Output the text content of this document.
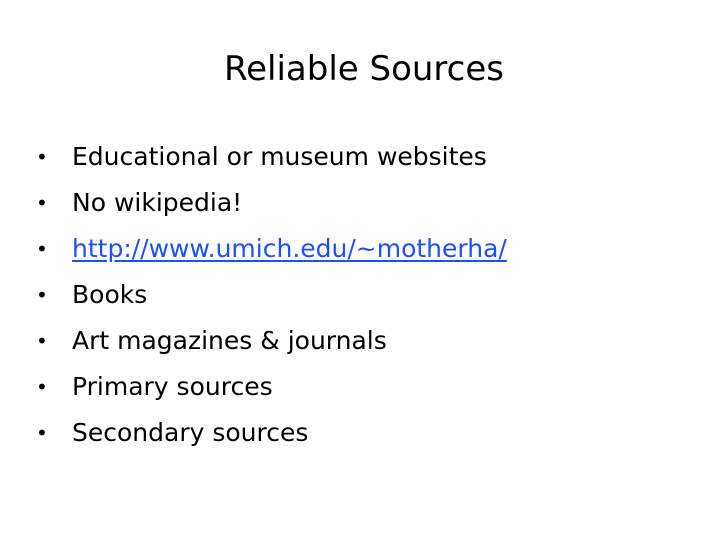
Reliable Sources
• Educational or museum websites
• No wikipedia!
• http://www.umich.edu/~motherha/
• Books
• Art magazines & journals
• Primary sources
• Secondary sources
